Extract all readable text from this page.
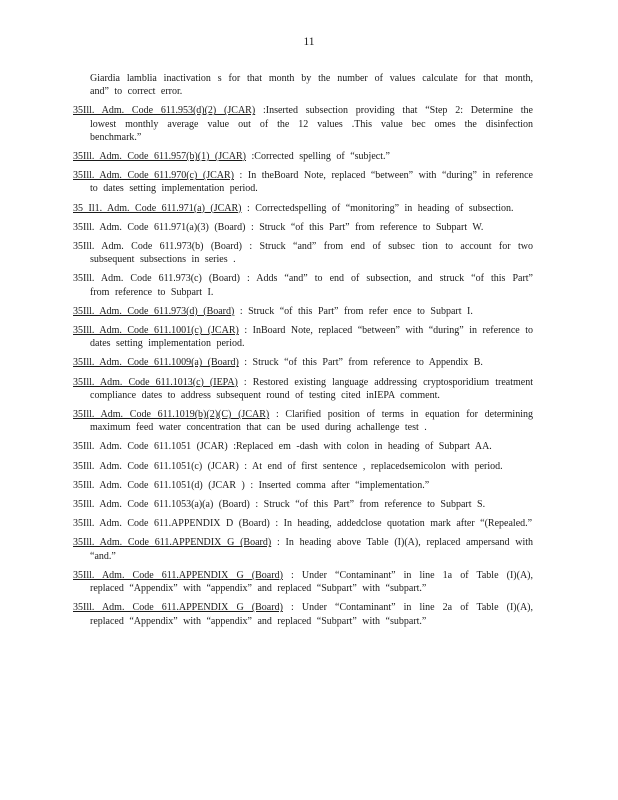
11
Giardia lamblia inactivation s for that month by the number of values calculate for that month, and” to correct error.
35Ill. Adm. Code 611.953(d)(2) (JCAR) :Inserted subsection providing that “Step 2: Determine the lowest monthly average value out of the 12 values .This value bec omes the disinfection benchmark.”
35Ill. Adm. Code 611.957(b)(1) (JCAR) :Corrected spelling of “subject.”
35Ill. Adm. Code 611.970(c) (JCAR) : In theBoard Note, replaced “between” with “during” in reference to dates setting implementation period.
35 Il1. Adm. Code 611.971(a) (JCAR) : Correctedspelling of “monitoring” in heading of subsection.
35Ill. Adm. Code 611.971(a)(3) (Board) : Struck “of this Part” from reference to Subpart W.
35Ill. Adm. Code 611.973(b) (Board) : Struck “and” from end of subsec tion to account for two subsequent subsections in series .
35Ill. Adm. Code 611.973(c) (Board) : Adds “and” to end of subsection, and struck “of this Part” from reference to Subpart I.
35Ill. Adm. Code 611.973(d) (Board) : Struck “of this Part” from refer ence to Subpart I.
35Ill. Adm. Code 611.1001(c) (JCAR) : InBoard Note, replaced “between” with “during” in reference to dates setting implementation period.
35Ill. Adm. Code 611.1009(a) (Board) : Struck “of this Part” from reference to Appendix B.
35Ill. Adm. Code 611.1013(c) (IEPA) : Restored existing language addressing cryptosporidium treatment compliance dates to address subsequent round of testing cited inIEPA comment.
35Ill. Adm. Code 611.1019(b)(2)(C) (JCAR) : Clarified position of terms in equation for determining maximum feed water concentration that can be used during achallenge test .
35Ill. Adm. Code 611.1051 (JCAR) :Replaced em -dash with colon in heading of Subpart AA.
35Ill. Adm. Code 611.1051(c) (JCAR) : At end of first sentence , replacedsemicolon with period.
35Ill. Adm. Code 611.1051(d) (JCAR ) : Inserted comma after “implementation.”
35Ill. Adm. Code 611.1053(a)(a) (Board) : Struck “of this Part” from reference to Subpart S.
35Ill. Adm. Code 611.APPENDIX D (Board) : In heading, addedclose quotation mark after “(Repealed.”
35Ill. Adm. Code 611.APPENDIX G (Board) : In heading above Table (I)(A), replaced ampersand with “and.”
35Ill. Adm. Code 611.APPENDIX G (Board) : Under “Contaminant” in line 1a of Table (I)(A), replaced “Appendix” with “appendix” and replaced “Subpart” with “subpart.”
35Ill. Adm. Code 611.APPENDIX G (Board) : Under “Contaminant” in line 2a of Table (I)(A), replaced “Appendix” with “appendix” and replaced “Subpart” with “subpart.”
